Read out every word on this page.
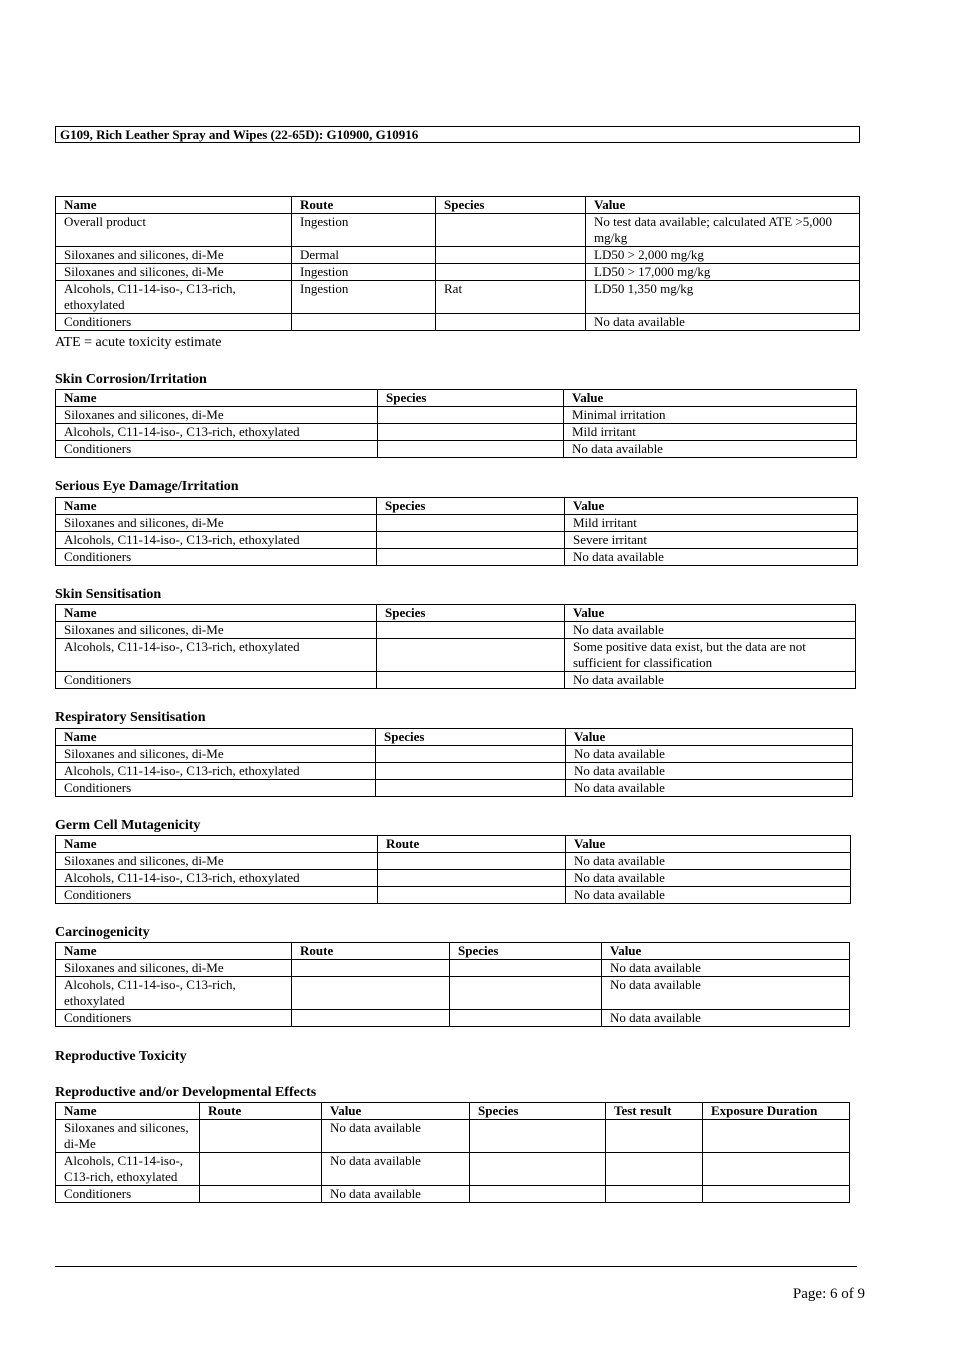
G109, Rich Leather Spray and Wipes (22-65D): G10900, G10916
Name	Route	Species	Value
Overall product	Ingestion		No test data available; calculated ATE >5,000 mg/kg
Siloxanes and silicones, di-Me	Dermal		LD50 > 2,000 mg/kg
Siloxanes and silicones, di-Me	Ingestion		LD50 > 17,000 mg/kg
Alcohols, C11-14-iso-, C13-rich, ethoxylated	Ingestion	Rat	LD50 1,350 mg/kg
Conditioners			No data available
ATE = acute toxicity estimate
Skin Corrosion/Irritation
Name	Species	Value
Siloxanes and silicones, di-Me		Minimal irritation
Alcohols, C11-14-iso-, C13-rich, ethoxylated		Mild irritant
Conditioners		No data available
Serious Eye Damage/Irritation
Name	Species	Value
Siloxanes and silicones, di-Me		Mild irritant
Alcohols, C11-14-iso-, C13-rich, ethoxylated		Severe irritant
Conditioners		No data available
Skin Sensitisation
Name	Species	Value
Siloxanes and silicones, di-Me		No data available
Alcohols, C11-14-iso-, C13-rich, ethoxylated		Some positive data exist, but the data are not sufficient for classification
Conditioners		No data available
Respiratory Sensitisation
Name	Species	Value
Siloxanes and silicones, di-Me		No data available
Alcohols, C11-14-iso-, C13-rich, ethoxylated		No data available
Conditioners		No data available
Germ Cell Mutagenicity
Name	Route	Value
Siloxanes and silicones, di-Me		No data available
Alcohols, C11-14-iso-, C13-rich, ethoxylated		No data available
Conditioners		No data available
Carcinogenicity
Name	Route	Species	Value
Siloxanes and silicones, di-Me			No data available
Alcohols, C11-14-iso-, C13-rich, ethoxylated			No data available
Conditioners			No data available
Reproductive Toxicity
Reproductive and/or Developmental Effects
Name	Route	Value	Species	Test result	Exposure Duration
Siloxanes and silicones, di-Me		No data available			
Alcohols, C11-14-iso-, C13-rich, ethoxylated		No data available			
Conditioners		No data available			
Page: 6 of 9
